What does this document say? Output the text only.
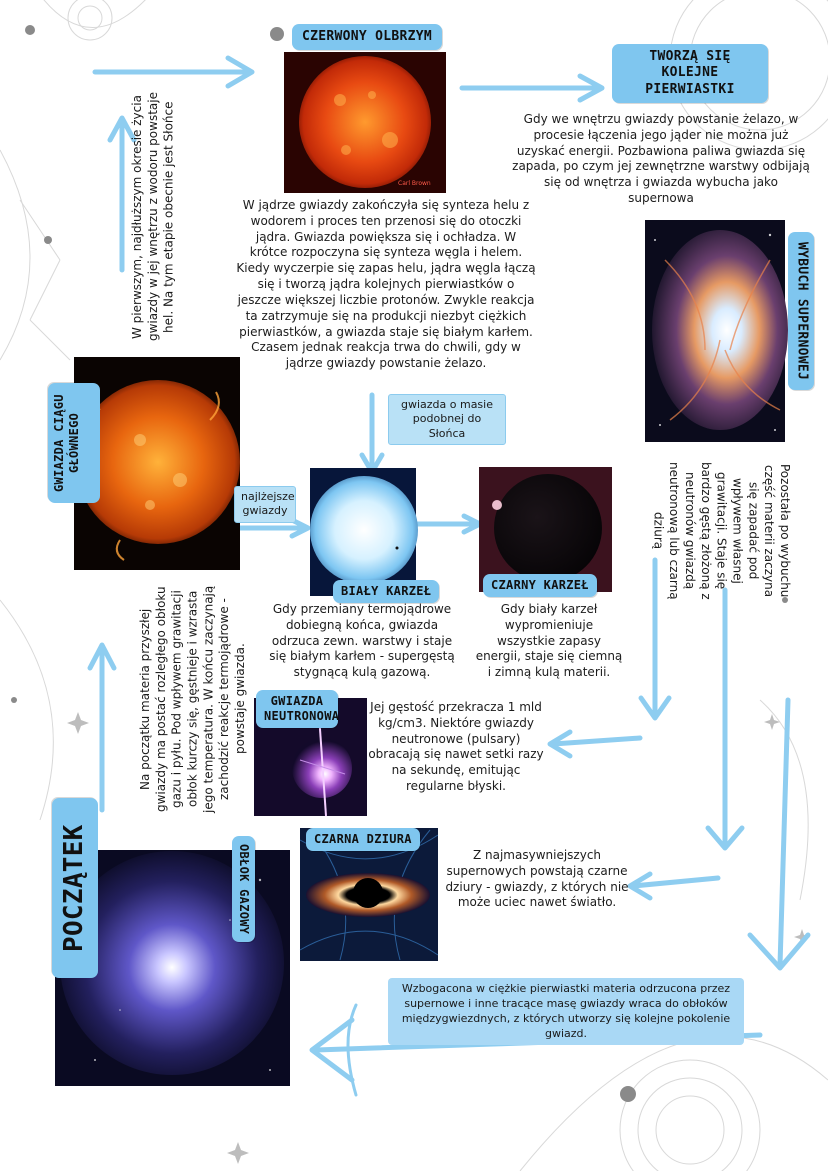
Carl Brown
CZERWONY OLBRZYM
TWORZĄ SIĘ KOLEJNE PIERWIASTKI
WYBUCH SUPERNOWEJ
GWIAZDA CIĄGU GŁÓWNEGO
BIAŁY KARZEŁ	CZARNY KARZEŁ
GWIAZDA NEUTRONOWA
CZARNA DZIURA
OBŁOK GAZOWY
POCZĄTEK
W jądrze gwiazdy zakończyła się synteza helu z wodorem i proces ten przenosi się do otoczki jądra. Gwiazda powiększa się i ochładza. W krótce rozpoczyna się synteza węgla i helem. Kiedy wyczerpie się zapas helu, jądra węgla łączą się i tworzą jądra kolejnych pierwiastków o jeszcze większej liczbie protonów. Zwykle reakcja ta zatrzymuje się na produkcji niezbyt ciężkich pierwiastków, a gwiazda staje się białym karłem. Czasem jednak reakcja trwa do chwili, gdy w jądrze gwiazdy powstanie żelazo.
Gdy we wnętrzu gwiazdy powstanie żelazo, w procesie łączenia jego jąder nie można już uzyskać energii. Pozbawiona paliwa gwiazda się zapada, po czym jej zewnętrzne warstwy odbijają się od wnętrza i gwiazda wybucha jako supernowa
Pozostała po wybuchu część materii zaczyna się zapadać pod wpływem własnej grawitacji. Staje się bardzo gęstą złożoną z neutronów gwiazdą neutronową lub czarną dziurą
W pierwszym, najdłuższym okresie życia gwiazdy w jej wnętrzu z wodoru powstaje hel. Na tym etapie obecnie jest Słońce
Gdy przemiany termojądrowe dobiegną końca, gwiazda odrzuca zewn. warstwy i staje się białym karłem - supergęstą stygnącą kulą gazową.
Gdy biały karzeł wypromieniuje wszystkie zapasy energii, staje się ciemną i zimną kulą materii.
Jej gęstość przekracza 1 mld kg/cm3. Niektóre gwiazdy neutronowe (pulsary) obracają się nawet setki razy na sekundę, emitując regularne błyski.
Z najmasywniejszych supernowych powstają czarne dziury - gwiazdy, z których nie może uciec nawet światło.
Na początku materia przyszłej gwiazdy ma postać rozległego obłoku gazu i pyłu. Pod wpływem grawitacji obłok kurczy się, gęstnieje i wzrasta jego temperatura. W końcu zaczynają zachodzić reakcje termojądrowe - powstaje gwiazda.
gwiazda o masie podobnej do Słońca
najlżejsze gwiazdy
Wzbogacona w ciężkie pierwiastki materia odrzucona przez supernowe i inne tracące masę gwiazdy wraca do obłoków międzygwiezdnych, z których utworzy się kolejne pokolenie gwiazd.
